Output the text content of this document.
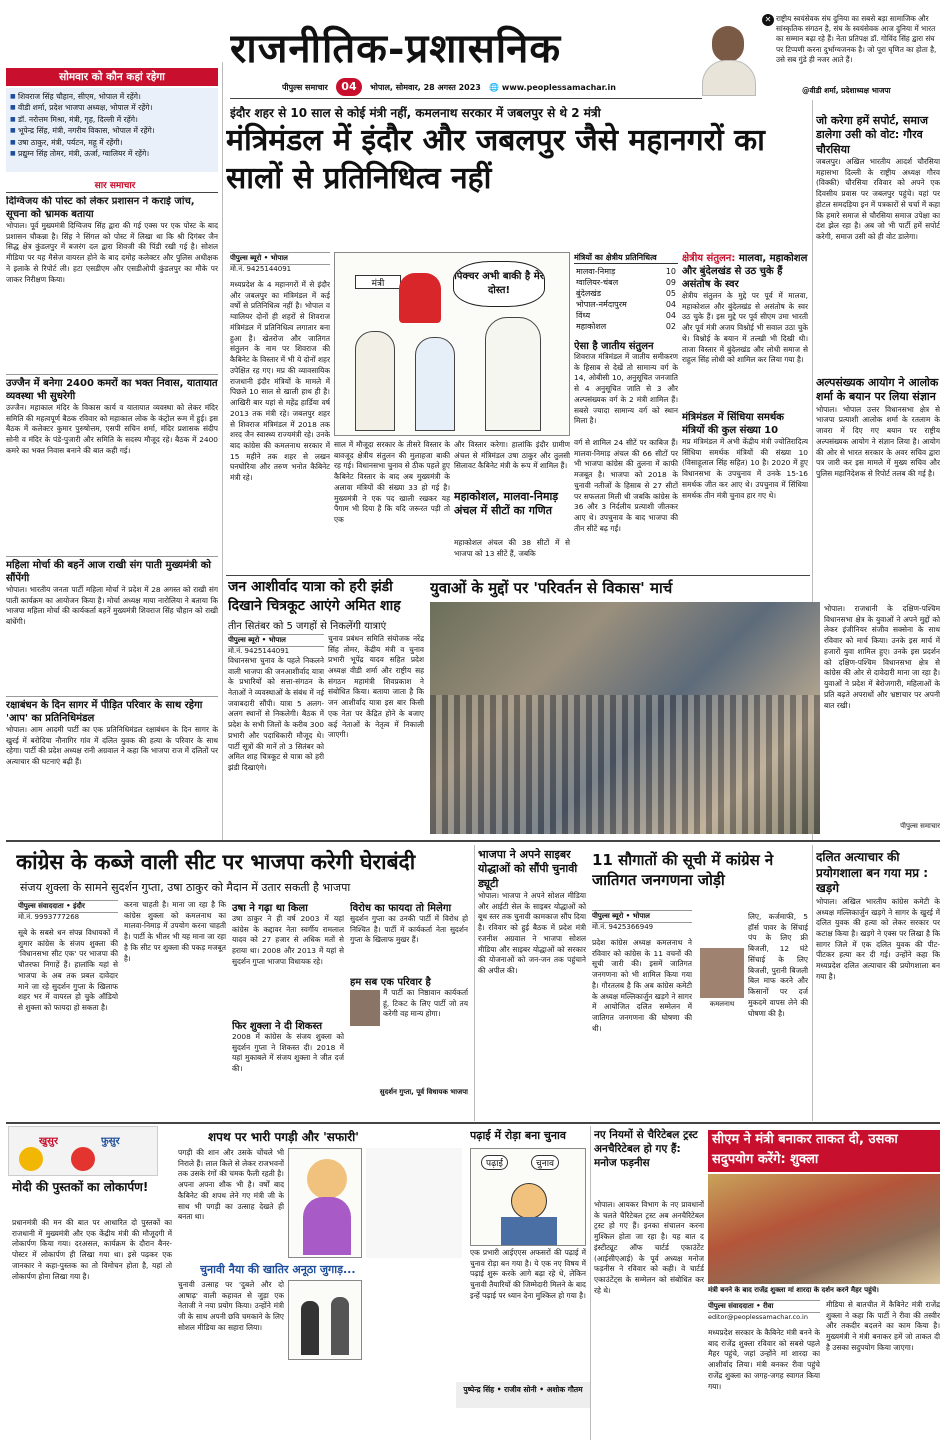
राजनीतिक-प्रशासनिक
पीपुल्स समाचार 04 भोपाल, सोमवार, 28 अगस्त 2023 🌐 www.peoplessamachar.in
✕ राष्ट्रीय स्वयंसेवक संघ दुनिया का सबसे बड़ा सामाजिक और सांस्कृतिक संगठन है, संघ के स्वयंसेवक आज दुनिया में भारत का सम्मान बढ़ा रहे हैं। नेता प्रतिपक्ष डॉ. गोविंद सिंह द्वारा संघ पर टिप्पणी करना दुर्भाग्यजनक है। जो पूरा घृणित का होता है, उसे सब गुंडे ही नजर आते हैं।
@वीडी शर्मा, प्रदेशाध्यक्ष भाजपा
सोमवार को कौन कहां रहेगा
■ शिवराज सिंह चौहान, सीएम, भोपाल में रहेंगे।
■ वीडी शर्मा, प्रदेश भाजपा अध्यक्ष, भोपाल में रहेंगे।
■ डॉ. नरोत्तम मिश्रा, मंत्री, गृह, दिल्ली में रहेंगे।
■ भूपेन्द्र सिंह, मंत्री, नगरीय विकास, भोपाल में रहेंगे।
■ उषा ठाकुर, मंत्री, पर्यटन, महू में रहेंगी।
■ प्रद्युम्न सिंह तोमर, मंत्री, ऊर्जा, ग्वालियर में रहेंगे।
सार समाचार
दिग्विजय की पोस्ट को लेकर प्रशासन ने कराई जांच, सूचना को भ्रामक बताया
भोपाल। पूर्व मुख्यमंत्री दिग्विजय सिंह द्वारा की गई एक्स पर एक पोस्ट के बाद प्रशासन चौकन्ना है। सिंह ने सिंगल को पोस्ट में लिखा था कि श्री दिगंबर जैन सिद्ध क्षेत्र कुंडलपुर में बजरंग दल द्वारा शिवजी की पिंडी रखी गई है। सोशल मीडिया पर यह मैसेज वायरल होने के बाद दमोह कलेक्टर और पुलिस अधीक्षक ने इलाके से रिपोर्ट ली। हटा एसडीएम और एसडीओपी कुंडलपुर का मौके पर जाकर निरीक्षण किया।
उज्जैन में बनेगा 2400 कमरों का भक्त निवास, यातायात व्यवस्था भी सुधरेगी
उज्जैन। महाकाल मंदिर के विकास कार्य व यातायात व्यवस्था को लेकर मंदिर समिति की महत्वपूर्ण बैठक रविवार को महाकाल लोक के कंट्रोल रूम में हुई। इस बैठक में कलेक्टर कुमार पुरुषोत्तम, एसपी सचिन शर्मा, मंदिर प्रशासक संदीप सोनी व मंदिर के पंडे-पुजारी और समिति के सदस्य मौजूद रहे। बैठक में 2400 कमरे का भक्त निवास बनाने की बात कही गई।
महिला मोर्चा की बहनें आज राखी संग पाती मुख्यमंत्री को सौंपेंगी
भोपाल। भारतीय जनता पार्टी महिला मोर्चा ने प्रदेश में 28 अगस्त को राखी संग पाती कार्यक्रम का आयोजन किया है। मोर्चा अध्यक्ष माया नारोलिया ने बताया कि भाजपा महिला मोर्चा की कार्यकर्ता बहनें मुख्यमंत्री शिवराज सिंह चौहान को राखी बांधेंगी।
रक्षाबंधन के दिन सागर में पीड़ित परिवार के साथ रहेगा 'आप' का प्रतिनिधिमंडल
भोपाल। आम आदमी पार्टी का एक प्रतिनिधिमंडल रक्षाबंधन के दिन सागर के खुरई में बरोदिया नौनागिर गांव में दलित युवक की हत्या के परिवार के साथ रहेगा। पार्टी की प्रदेश अध्यक्ष रानी अग्रवाल ने कहा कि भाजपा राज में दलितों पर अत्याचार की घटनाएं बढ़ी हैं।
इंदौर शहर से 10 साल से कोई मंत्री नहीं, कमलनाथ सरकार में जबलपुर से थे 2 मंत्री
मंत्रिमंडल में इंदौर और जबलपुर जैसे महानगरों का सालों से प्रतिनिधित्व नहीं
पीपुल्स ब्यूरो • भोपाल
मो.नं. 9425144091
पिक्चर अभी बाकी है मेरे दोस्त!
मंत्री
मध्यप्रदेश के 4 महानगरों में से इंदौर और जबलपुर का मंत्रिमंडल में कई वर्षों से प्रतिनिधित्व नहीं है। भोपाल व ग्वालियर दोनों ही शहरों से शिवराज मंत्रिमंडल में प्रतिनिधित्व लगातार बना हुआ है। खेतरोज और जातिगत संतुलन के नाम पर शिवराज की कैबिनेट के विस्तार में भी ये दोनों शहर उपेक्षित रह गए। मप्र की व्यावसायिक राजधानी इंदौर मंत्रियों के मामले में पिछले 10 साल से खाली हाथ ही है। आखिरी बार यहां से महेंद्र हार्डिया वर्ष 2013 तक मंत्री रहे। जबलपुर शहर से शिवराज मंत्रिमंडल में 2018 तक शरद जैन स्वास्थ्य राज्यमंत्री रहे। उनके बाद कांग्रेस की कमलनाथ सरकार में 15 महीने तक शहर से लखन घनघोरिया और तरुण भनोत कैबिनेट मंत्री रहे।
साल में मौजूदा सरकार के तीसरे विस्तार के बावजूद क्षेत्रीय संतुलन की मुलाहजा बाकी रह गई। विधानसभा चुनाव से ठीक पहले हुए कैबिनेट विस्तार के बाद अब मुख्यमंत्री के अलावा मंत्रियों की संख्या 33 हो गई है। मुख्यमंत्री ने एक पद खाली रखकर यह पैगाम भी दिया है कि यदि जरूरत पड़ी तो एक
और विस्तार करेगा। हालांकि इंदौर ग्रामीण अंचल से मंत्रिमंडल उषा ठाकुर और तुलसी सिलावट कैबिनेट मंत्री के रूप में शामिल हैं।
महाकोशल, मालवा-निमाड़ अंचल में सीटों का गणित
महाकोशल अंचल की 38 सीटों में से भाजपा को 13 सीटें हैं, जबकि
मंत्रियों का क्षेत्रीय प्रतिनिधित्व
मालवा-निमाड़	10
ग्वालियर-चंबल	09
बुंदेलखंड	05
भोपाल-नर्मदापुरम	04
विंध्य	04
महाकोशल	02
ऐसा है जातीय संतुलन
शिवराज मंत्रिमंडल में जातीय समीकरण के हिसाब से देखें तो सामान्य वर्ग के 14, ओबीसी 10, अनुसूचित जनजाति से 4 अनुसूचित जाति से 3 और अल्पसंख्यक वर्ग के 2 मंत्री शामिल हैं। सबसे ज्यादा सामान्य वर्ग को स्थान मिला है।
वर्ग से शामिल 24 सीटें पर काबिज हैं। मालवा-निमाड़ अंचल की 66 सीटों पर भी भाजपा कांग्रेस की तुलना में काफी मजबूत है। भाजपा को 2018 के चुनावी नतीजों के हिसाब से 27 सीटों पर सफलता मिली थी जबकि कांग्रेस के 36 और 3 निर्दलीय प्रत्याशी जीतकर आए थे। उपचुनाव के बाद भाजपा की तीन सीटें बढ़ गईं।
क्षेत्रीय संतुलन: मालवा, महाकोशल और बुंदेलखंड से उठ चुके हैं असंतोष के स्वर
क्षेत्रीय संतुलन के मुद्दे पर पूर्व में मालवा, महाकोशल और बुंदेलखंड से असंतोष के स्वर उठ चुके हैं। इस मुद्दे पर पूर्व सीएम उमा भारती और पूर्व मंत्री अजय विश्नोई भी सवाल उठा चुके थे। विश्नोई के बयान में तल्खी भी दिखी थी। ताजा विस्तार में बुंदेलखंड और लोधी समाज से राहुल सिंह लोधी को शामिल कर लिया गया है।
मंत्रिमंडल में सिंधिया समर्थक मंत्रियों की कुल संख्या 10
मप्र मंत्रिमंडल में अभी केंद्रीय मंत्री ज्योतिरादित्य सिंधिया समर्थक मंत्रियों की संख्या 10 (विसाहूलाल सिंह सहित) 10 है। 2020 में हुए विधानसभा के उपचुनाव में उनके 15-16 समर्थक जीत कर आए थे। उपचुनाव में सिंधिया समर्थक तीन मंत्री चुनाव हार गए थे।
जो करेगा हमें सपोर्ट, समाज डालेगा उसी को वोट: गौरव चौरसिया
जबलपुर। अखिल भारतीय आदर्श चौरसिया महासभा दिल्ली के राष्ट्रीय अध्यक्ष गौरव (विक्की) चौरसिया रविवार को अपने एक दिवसीय प्रवास पर जबलपुर पहुंचे। यहां पर होटल समदड़िया इन में पत्रकारों से चर्चा में कहा कि हमारे समाज से चौरसिया समाज उपेक्षा का दंश झेल रहा है। अब जो भी पार्टी हमें सपोर्ट करेगी, समाज उसी को ही वोट डालेगा।
अल्पसंख्यक आयोग ने आलोक शर्मा के बयान पर लिया संज्ञान
भोपाल। भोपाल उत्तर विधानसभा क्षेत्र से भाजपा प्रत्याशी आलोक शर्मा के रतलाम के जावरा में दिए गए बयान पर राष्ट्रीय अल्पसंख्यक आयोग ने संज्ञान लिया है। आयोग की ओर से भारत सरकार के अवर सचिव द्वारा पत्र जारी कर इस मामले में मुख्य सचिव और पुलिस महानिदेशक से रिपोर्ट तलब की गई है।
जन आशीर्वाद यात्रा को हरी झंडी दिखाने चित्रकूट आएंगे अमित शाह
तीन सितंबर को 5 जगहों से निकलेंगी यात्राएं
पीपुल्स ब्यूरो • भोपाल
मो.नं. 9425144091
विधानसभा चुनाव के पहले निकलने वाली भाजपा की जनआशीर्वाद यात्रा के प्रभारियों को सत्ता-संगठन के नेताओं ने व्यवस्थाओं के संबंध में नई जवाबदारी सौंपी। यात्रा 5 अलग-अलग स्थानों से निकलेगी। बैठक में प्रदेश के सभी जिलों के करीब 300 प्रभारी और पदाधिकारी मौजूद थे। पार्टी सूत्रों की मानें तो 3 सितंबर को अमित शाह चित्रकूट से यात्रा को हरी झंडी दिखाएंगे।
चुनाव प्रबंधन समिति संयोजक नरेंद्र सिंह तोमर, केंद्रीय मंत्री व चुनाव प्रभारी भूपेंद्र यादव सहित प्रदेश अध्यक्ष वीडी शर्मा और राष्ट्रीय सह संगठन महामंत्री शिवप्रकाश ने संबोधित किया। बताया जाता है कि जन आशीर्वाद यात्रा इस बार किसी एक नेता पर केंद्रित होने के बजाए कई नेताओं के नेतृत्व में निकाली जाएगी।
युवाओं के मुद्दों पर 'परिवर्तन से विकास' मार्च
भोपाल। राजधानी के दक्षिण-पश्चिम विधानसभा क्षेत्र के युवाओं ने अपने मुद्दों को लेकर इंजीनियर संजीव सक्सेना के साथ रविवार को मार्च किया। उनके इस मार्च में हजारों युवा शामिल हुए। उनके इस प्रदर्शन को दक्षिण-पश्चिम विधानसभा क्षेत्र से कांग्रेस की ओर से दावेदारी माना जा रहा है। युवाओं ने प्रदेश में बेरोजगारी, महिलाओं के प्रति बढ़ते अपराधों और भ्रष्टाचार पर अपनी बात रखी।
पीपुल्स समाचार
कांग्रेस के कब्जे वाली सीट पर भाजपा करेगी घेराबंदी
संजय शुक्ला के सामने सुदर्शन गुप्ता, उषा ठाकुर को मैदान में उतार सकती है भाजपा
पीपुल्स संवाददाता • इंदौर
मो.नं. 9993777268
सूबे के सबसे धन संपन्न विधायकों में शुमार कांग्रेस के संजय शुक्ला की 'विधानसभा सीट एक' पर भाजपा की चौतरफा निगाहें हैं। हालांकि यहां से भाजपा के अब तक प्रबल दावेदार माने जा रहे सुदर्शन गुप्ता के खिलाफ शहर भर में वायरल हो चुके ऑडियो से शुक्ला को फायदा हो सकता है।
करना चाहती है। माना जा रहा है कि कांग्रेस शुक्ला को कमलनाथ का मालवा-निमाड़ में उपयोग करना चाहती है। पार्टी के भीतर भी यह माना जा रहा है कि सीट पर शुक्ला की पकड़ मजबूत है।
उषा ने गढ़ा था किला
उषा ठाकुर ने ही वर्ष 2003 में यहां कांग्रेस के कद्दावर नेता स्वर्गीय रामलाल यादव को 27 हजार से अधिक मतों से हराया था। 2008 और 2013 में यहां से सुदर्शन गुप्ता भाजपा विधायक रहे।
फिर शुक्ला ने दी शिकस्त
2008 में कांग्रेस के संजय शुक्ला को सुदर्शन गुप्ता ने शिकस्त दी। 2018 में यहां मुकाबले में संजय शुक्ला ने जीत दर्ज की।
विरोध का फायदा तो मिलेगा
सुदर्शन गुप्ता का उनकी पार्टी में विरोध हो निश्चित है। पार्टी में कार्यकर्ता नेता सुदर्शन गुप्ता के खिलाफ मुखर हैं।
हम सब एक परिवार है
मैं पार्टी का निष्ठावान कार्यकर्ता हूं, टिकट के लिए पार्टी जो तय करेगी वह मान्य होगा।
सुदर्शन गुप्ता, पूर्व विधायक भाजपा
भाजपा ने अपने साइबर योद्धाओं को सौंपी चुनावी ड्यूटी
भोपाल। भाजपा ने अपने सोशल मीडिया और आईटी सेल के साइबर योद्धाओं को बूथ स्तर तक चुनावी कामकाज सौंप दिया है। रविवार को हुई बैठक में प्रदेश मंत्री रजनीश अग्रवाल ने भाजपा सोशल मीडिया और साइबर योद्धाओं को सरकार की योजनाओं को जन-जन तक पहुंचाने की अपील की।
11 सौगातों की सूची में कांग्रेस ने जातिगत जनगणना जोड़ी
पीपुल्स ब्यूरो • भोपाल
मो.नं. 9425366949
प्रदेश कांग्रेस अध्यक्ष कमलनाथ ने रविवार को कांग्रेस के 11 वचनों की सूची जारी की। इसमें जातिगत जनगणना को भी शामिल किया गया है। गौरतलब है कि अब कांग्रेस कमेटी के अध्यक्ष मल्लिकार्जुन खड़गे ने सागर में आयोजित दलित सम्मेलन में जातिगत जनगणना की घोषणा की थी।
कमलनाथ
लिए, कर्जमाफी, 5 हॉर्स पावर के सिंचाई पंप के लिए फ्री बिजली, 12 घंटे सिंचाई के लिए बिजली, पुरानी बिजली बिल माफ करने और किसानों पर दर्ज मुकदमे वापस लेने की घोषणा की है।
दलित अत्याचार की प्रयोगशाला बन गया मप्र : खड़गे
भोपाल। अखिल भारतीय कांग्रेस कमेटी के अध्यक्ष मल्लिकार्जुन खड़गे ने सागर के खुरई में दलित युवक की हत्या को लेकर सरकार पर कटाक्ष किया है। खड़गे ने एक्स पर लिखा है कि सागर जिले में एक दलित युवक की पीट-पीटकर हत्या कर दी गई। उन्होंने कहा कि मध्यप्रदेश दलित अत्याचार की प्रयोगशाला बन गया है।
खुसुर	फुसुर
मोदी की पुस्तकों का लोकार्पण!
प्रधानमंत्री की मन की बात पर आधारित दो पुस्तकों का राजधानी में मुख्यमंत्री और एक केंद्रीय मंत्री की मौजूदगी में लोकार्पण किया गया। दरअसल, कार्यक्रम के दौरान बैनर-पोस्टर में लोकार्पण ही लिखा गया था। इसे पढ़कर एक जानकार ने कहा-पुस्तक का तो विमोचन होता है, यहां तो लोकार्पण होना लिखा गया है।
शपथ पर भारी पगड़ी और 'सफारी'
पगड़ी की शान और उसके चोंचले भी निराले हैं। लाल किले से लेकर राजभवनों तक उसके रंगों की चमक फैली रहती है। अपना अपना शौक भी है। वर्षों बाद कैबिनेट की शपथ लेने गए मंत्री जी के साथ भी पगड़ी का उत्साह देखते ही बनता था।
चुनावी नैया की खातिर अनूठा जुगाड़...
चुनावी उत्साह पर 'दुबले और दो आषाढ़' वाली कहावत से जुड़ा एक नेताजी ने नया प्रयोग किया। उन्होंने मंत्री जी के साथ अपनी छवि चमकाने के लिए सोशल मीडिया का सहारा लिया।
पढ़ाई में रोड़ा बना चुनाव
पढ़ाई	चुनाव
एक प्रभारी आईएएस अफसरों की पढ़ाई में चुनाव रोड़ा बन गया है। ये एक नए विषय में पढ़ाई शुरू करके आगे बढ़ा रहे थे, लेकिन चुनावी तैयारियों की जिम्मेदारी मिलने के बाद इन्हें पढ़ाई पर ध्यान देना मुश्किल हो गया है।
पुष्पेन्द्र सिंह • राजीव सोनी • अशोक गौतम
नए नियमों से चैरिटेबल ट्रस्ट अनचैरिटेबल हो गए हैं: मनोज फड़नीस
भोपाल। आयकर विभाग के नए प्रावधानों के चलते चैरिटेबल ट्रस्ट अब अनचैरिटेबल ट्रस्ट हो गए हैं। इनका संचालन करना मुश्किल होता जा रहा है। यह बात द इंस्टीट्यूट ऑफ चार्टर्ड एकाउंटेंट (आईसीएआई) के पूर्व अध्यक्ष मनोज फड़नीस ने रविवार को कही। वे चार्टर्ड एकाउंटेंट्स के सम्मेलन को संबोधित कर रहे थे।
सीएम ने मंत्री बनाकर ताकत दी, उसका सदुपयोग करेंगे: शुक्ला
मंत्री बनने के बाद राजेंद्र शुक्ला मां शारदा के दर्शन करने मैहर पहुंचे।
पीपुल्स संवाददाता • रीवा
editor@peoplessamachar.co.in
मध्यप्रदेश सरकार के कैबिनेट मंत्री बनने के बाद राजेंद्र शुक्ला रविवार को सबसे पहले मैहर पहुंचे, जहां उन्होंने मां शारदा का आशीर्वाद लिया। मंत्री बनकर रीवा पहुंचे राजेंद्र शुक्ला का जगह-जगह स्वागत किया गया।
मीडिया से बातचीत में कैबिनेट मंत्री राजेंद्र शुक्ला ने कहा कि पार्टी ने रीवा की तस्वीर और तकदीर बदलने का काम किया है। मुख्यमंत्री ने मंत्री बनाकर हमें जो ताकत दी है उसका सदुपयोग किया जाएगा।
